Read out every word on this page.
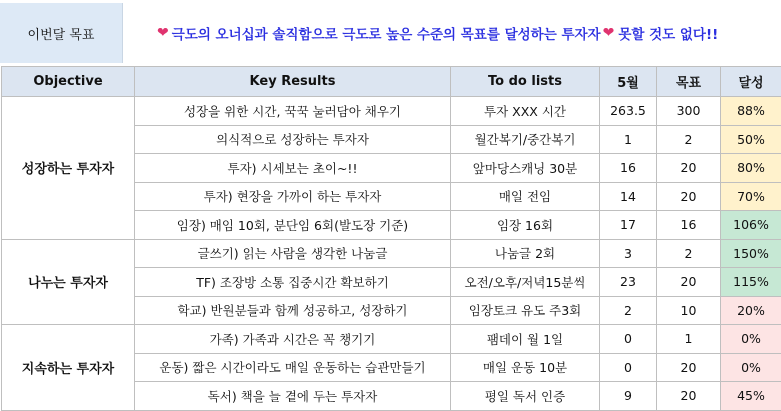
이번달 목표	❤ 극도의 오너십과 솔직함으로 극도로 높은 수준의 목표를 달성하는 투자자 ❤ 못할 것도 없다!!
Objective	Key Results	To do lists	5월	목표	달성
성장하는 투자자	성장을 위한 시간, 꾹꾹 눌러담아 채우기	투자 XXX 시간	263.5	300	88%
	의식적으로 성장하는 투자자	월간복기/중간복기	1	2	50%
	투자) 시세보는 초이~!!	앞마당스캐닝 30분	16	20	80%
	투자) 현장을 가까이 하는 투자자	매일 전임	14	20	70%
	임장) 매임 10회, 분단임 6회(발도장 기준)	임장 16회	17	16	106%
나누는 투자자	글쓰기) 읽는 사람을 생각한 나눔글	나눔글 2회	3	2	150%
	TF) 조장방 소통 집중시간 확보하기	오전/오후/저녁15분씩	23	20	115%
	학교) 반원분들과 함께 성공하고, 성장하기	임장토크 유도 주3회	2	10	20%
지속하는 투자자	가족) 가족과 시간은 꼭 챙기기	팸데이 월 1일	0	1	0%
	운동) 짧은 시간이라도 매일 운동하는 습관만들기	매일 운동 10분	0	20	0%
	독서) 책을 늘 곁에 두는 투자자	평일 독서 인증	9	20	45%
